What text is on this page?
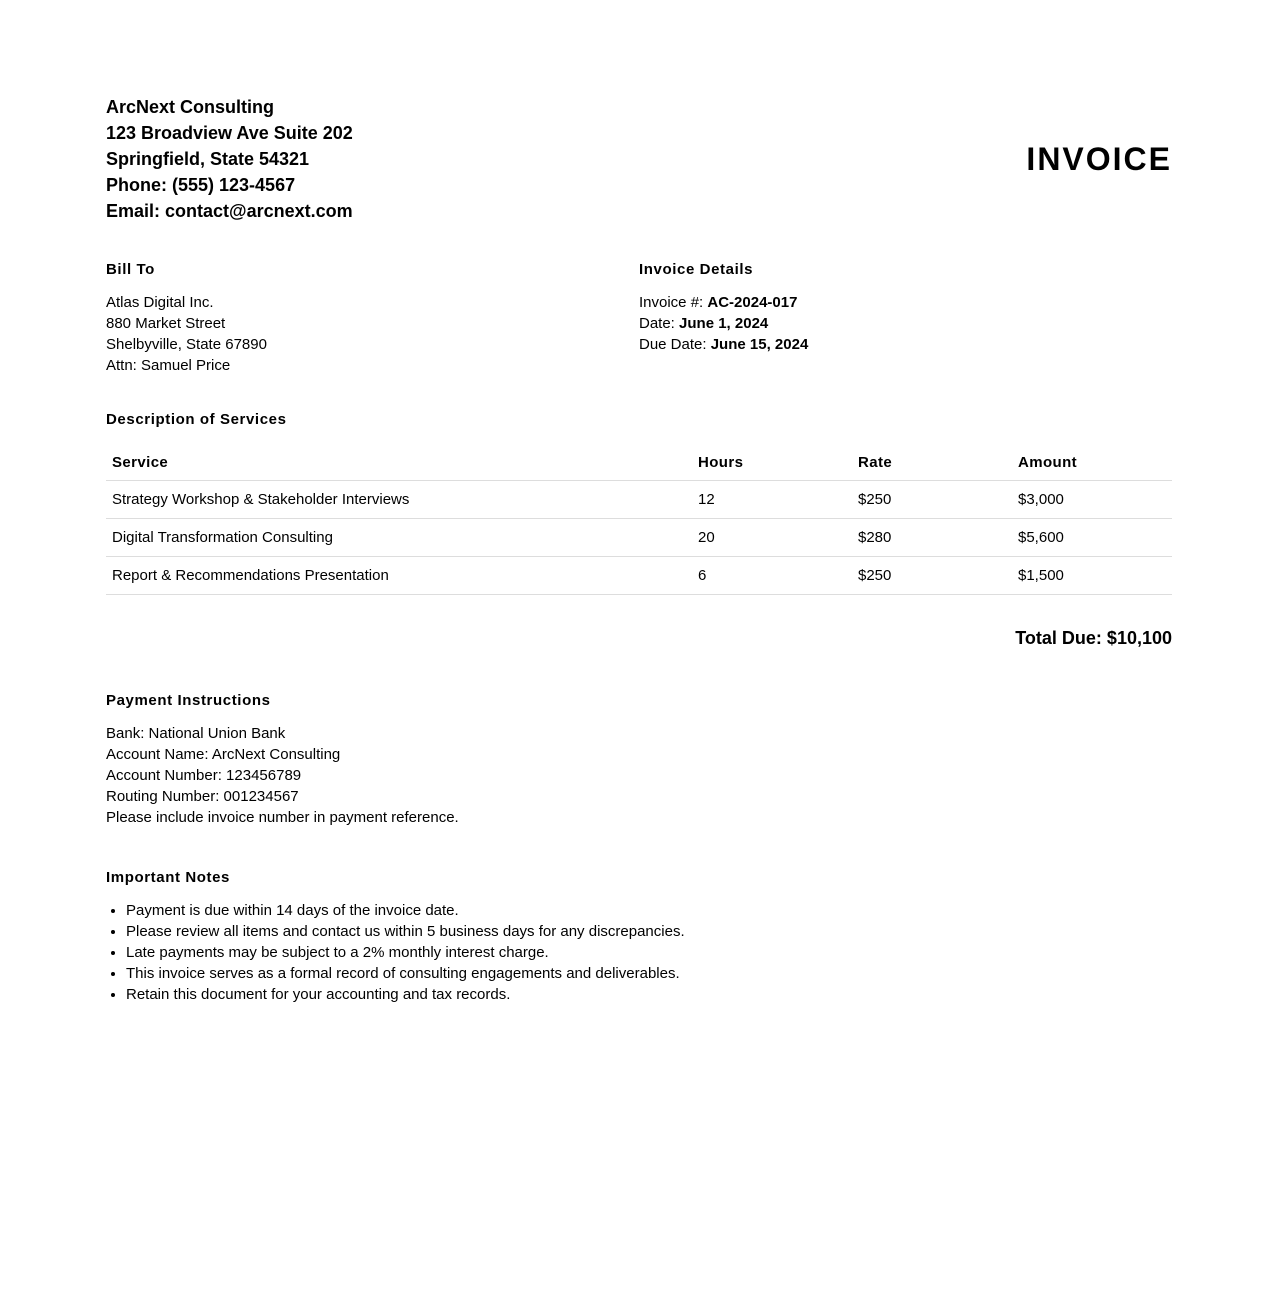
ArcNext Consulting
123 Broadview Ave Suite 202
Springfield, State 54321
Phone: (555) 123-4567
Email: contact@arcnext.com
INVOICE
Bill To
Atlas Digital Inc.
880 Market Street
Shelbyville, State 67890
Attn: Samuel Price
Invoice Details
Invoice #: AC-2024-017
Date: June 1, 2024
Due Date: June 15, 2024
Description of Services
Service	Hours	Rate	Amount
Strategy Workshop & Stakeholder Interviews	12	$250	$3,000
Digital Transformation Consulting	20	$280	$5,600
Report & Recommendations Presentation	6	$250	$1,500
Total Due: $10,100
Payment Instructions
Bank: National Union Bank
Account Name: ArcNext Consulting
Account Number: 123456789
Routing Number: 001234567
Please include invoice number in payment reference.
Important Notes
• Payment is due within 14 days of the invoice date.
• Please review all items and contact us within 5 business days for any discrepancies.
• Late payments may be subject to a 2% monthly interest charge.
• This invoice serves as a formal record of consulting engagements and deliverables.
• Retain this document for your accounting and tax records.
